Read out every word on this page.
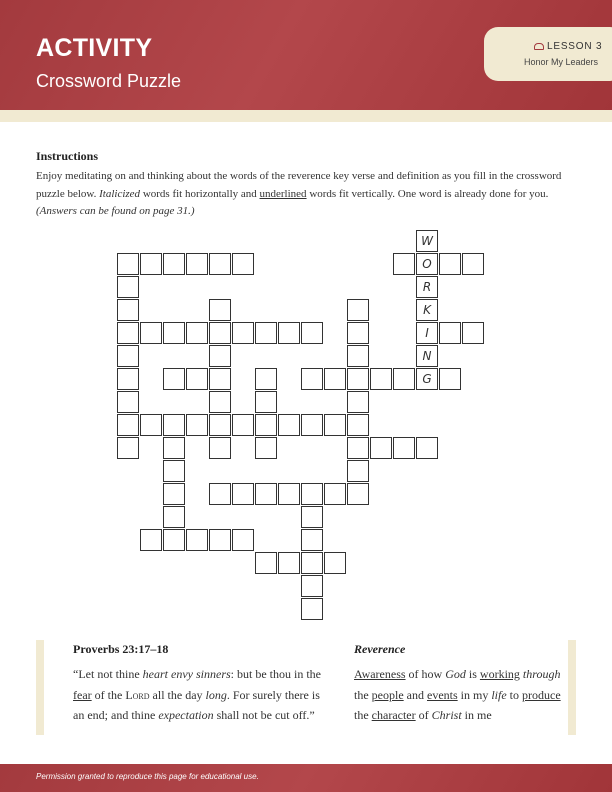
ACTIVITY
Crossword Puzzle
LESSON 3
Honor My Leaders
Instructions
Enjoy meditating on and thinking about the words of the reverence key verse and definition as you fill in the crossword puzzle below. Italicized words fit horizontally and underlined words fit vertically. One word is already done for you. (Answers can be found on page 31.)
W
O
R
K
I
N
G
Proverbs 23:17–18
“Let not thine heart envy sinners: but be thou in the fear of the Lord all the day long. For surely there is an end; and thine expectation shall not be cut off.”
Reverence
Awareness of how God is working through the people and events in my life to produce the character of Christ in me
Permission granted to reproduce this page for educational use.
